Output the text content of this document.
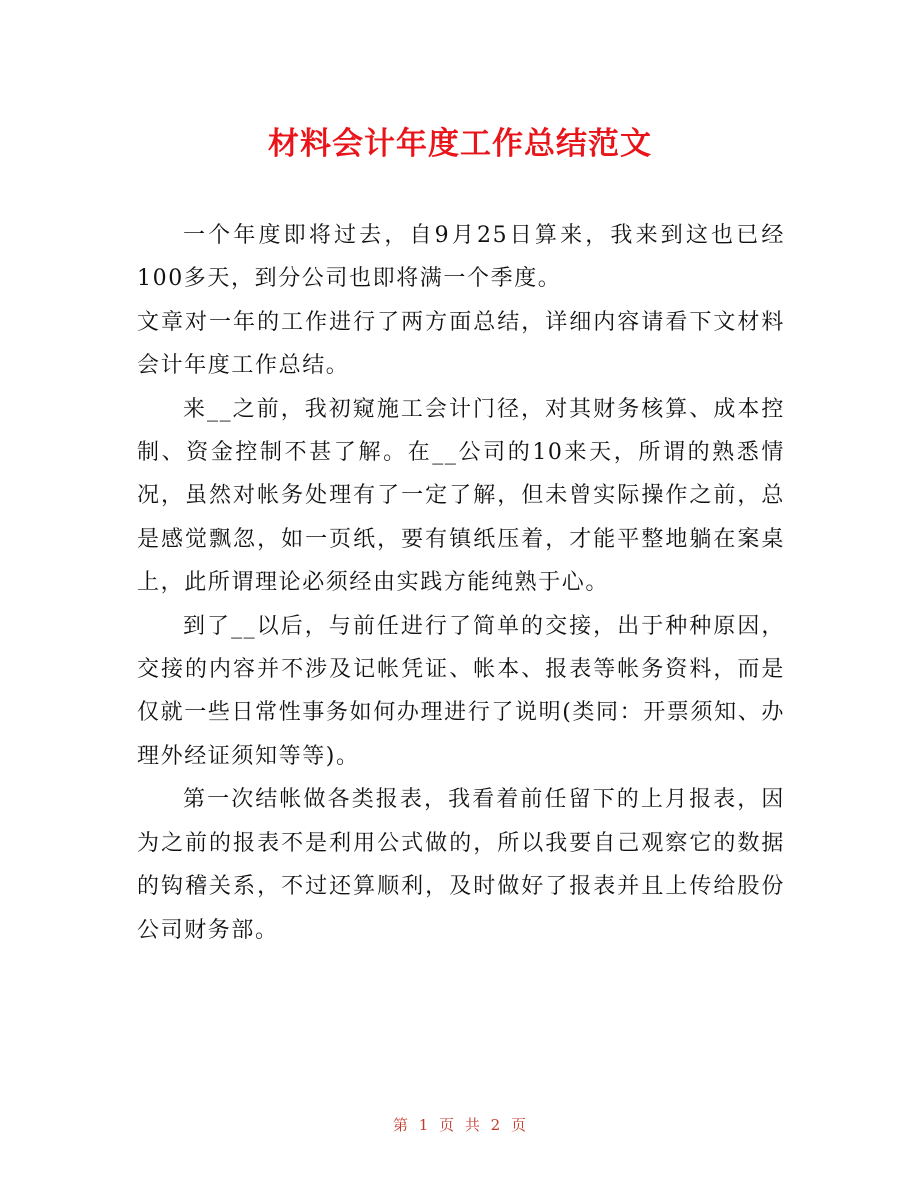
材料会计年度工作总结范文

一个年度即将过去，自9月25日算来，我来到这也已经100多天，到分公司也即将满一个季度。

文章对一年的工作进行了两方面总结，详细内容请看下文材料会计年度工作总结。

来__之前，我初窥施工会计门径，对其财务核算、成本控制、资金控制不甚了解。在__公司的10来天，所谓的熟悉情况，虽然对帐务处理有了一定了解，但未曾实际操作之前，总是感觉飘忽，如一页纸，要有镇纸压着，才能平整地躺在案桌上，此所谓理论必须经由实践方能纯熟于心。

到了__以后，与前任进行了简单的交接，出于种种原因，交接的内容并不涉及记帐凭证、帐本、报表等帐务资料，而是仅就一些日常性事务如何办理进行了说明(类同：开票须知、办理外经证须知等等)。

第一次结帐做各类报表，我看着前任留下的上月报表，因为之前的报表不是利用公式做的，所以我要自己观察它的数据的钩稽关系，不过还算顺利，及时做好了报表并且上传给股份公司财务部。

第 1 页 共 2 页
